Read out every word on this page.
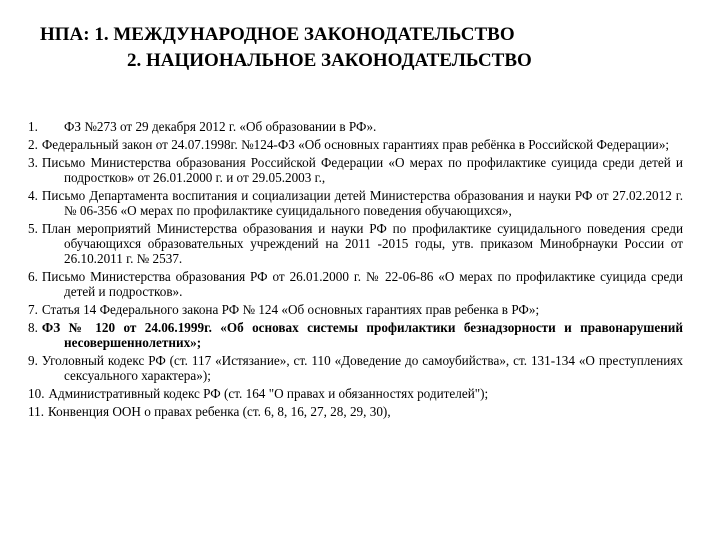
НПА: 1. МЕЖДУНАРОДНОЕ ЗАКОНОДАТЕЛЬСТВО
2. НАЦИОНАЛЬНОЕ ЗАКОНОДАТЕЛЬСТВО
1. ФЗ №273 от 29 декабря 2012 г. «Об образовании в РФ».
2. Федеральный закон от 24.07.1998г. №124-ФЗ «Об основных гарантиях прав ребёнка в Российской Федерации»;
3. Письмо Министерства образования Российской Федерации «О мерах по профилактике суицида среди детей и подростков» от 26.01.2000 г. и от 29.05.2003 г.,
4. Письмо Департамента воспитания и социализации детей Министерства образования и науки РФ от 27.02.2012 г. № 06-356 «О мерах по профилактике суицидального поведения обучающихся»,
5. План мероприятий Министерства образования и науки РФ по профилактике суицидального поведения среди обучающихся образовательных учреждений на 2011 -2015 годы, утв. приказом Минобрнауки России от 26.10.2011 г. № 2537.
6. Письмо Министерства образования РФ от 26.01.2000 г. № 22-06-86 «О мерах по профилактике суицида среди детей и подростков».
7. Статья 14 Федерального закона РФ № 124 «Об основных гарантиях прав ребенка в РФ»;
8. ФЗ № 120 от 24.06.1999г. «Об основах системы профилактики безнадзорности и правонарушений несовершеннолетних»;
9. Уголовный кодекс РФ (ст. 117 «Истязание», ст. 110 «Доведение до самоубийства», ст. 131-134 «О преступлениях сексуального характера»);
10. Административный кодекс РФ (ст. 164 "О правах и обязанностях родителей");
11. Конвенция ООН о правах ребенка (ст. 6, 8, 16, 27, 28, 29, 30),
